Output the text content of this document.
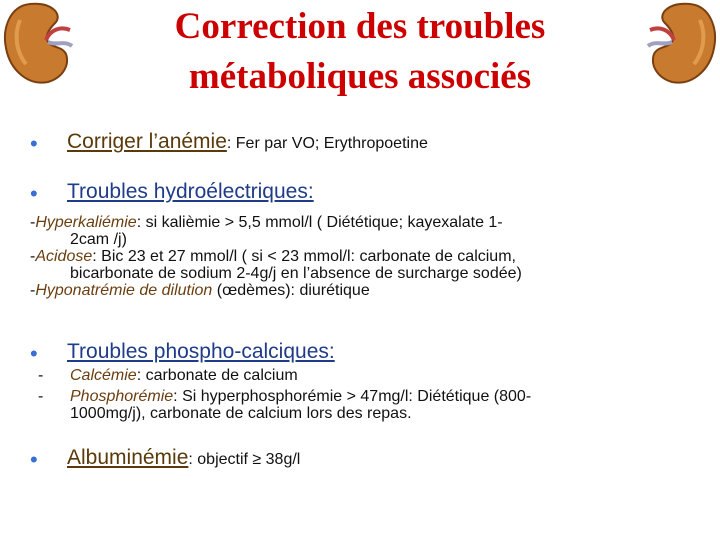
Correction des troubles
métaboliques associés
• Corriger l’anémie: Fer par VO; Erythropoetine
• Troubles hydroélectriques:
-Hyperkaliémie: si kalièmie > 5,5 mmol/l ( Diététique; kayexalate 1-
2cam /j)
-Acidose: Bic 23 et 27 mmol/l ( si < 23 mmol/l: carbonate de calcium,
bicarbonate de sodium 2-4g/j en l’absence de surcharge sodée)
-Hyponatrémie de dilution (œdèmes): diurétique
• Troubles phospho-calciques:
- Calcémie: carbonate de calcium
- Phosphorémie: Si hyperphosphorémie > 47mg/l: Diététique (800-
1000mg/j), carbonate de calcium lors des repas.
• Albuminémie: objectif ≥ 38g/l
